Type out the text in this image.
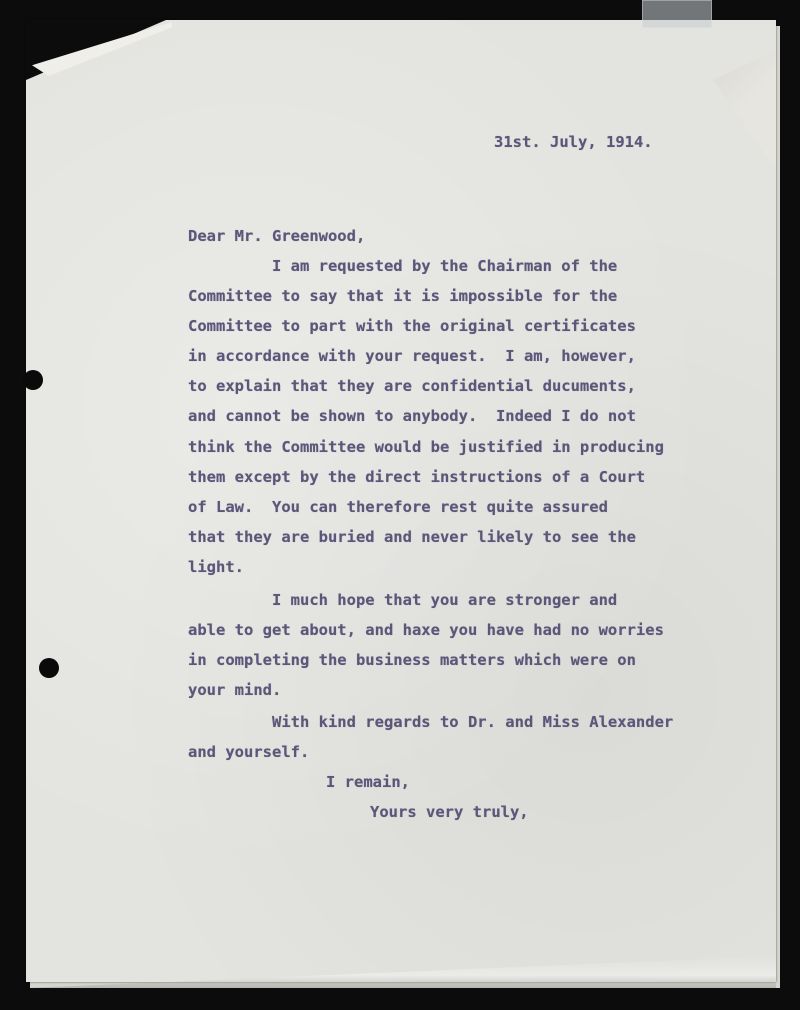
31st. July, 1914.
Dear Mr. Greenwood,
I am requested by the Chairman of the
Committee to say that it is impossible for the
Committee to part with the original certificates
in accordance with your request.  I am, however,
to explain that they are confidential ducuments,
and cannot be shown to anybody.  Indeed I do not
think the Committee would be justified in producing
them except by the direct instructions of a Court
of Law.  You can therefore rest quite assured
that they are buried and never likely to see the
light.
I much hope that you are stronger and
able to get about, and haxe you have had no worries
in completing the business matters which were on
your mind.
With kind regards to Dr. and Miss Alexander
and yourself.
I remain,
Yours very truly,
